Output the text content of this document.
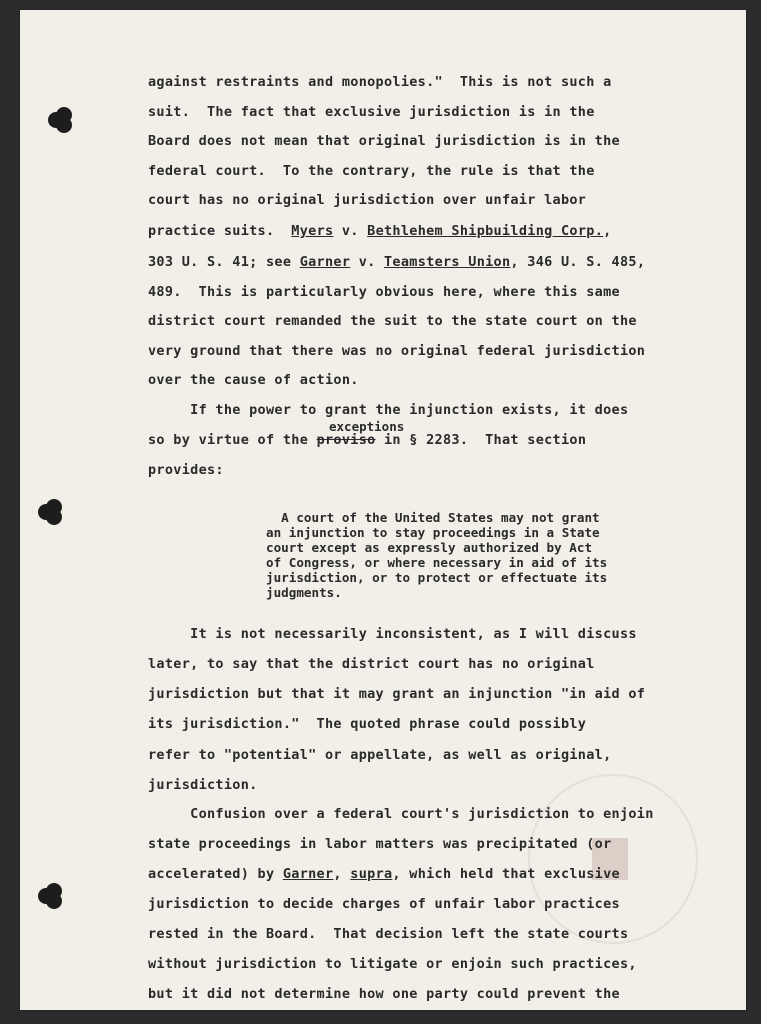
against restraints and monopolies."  This is not such a
suit.  The fact that exclusive jurisdiction is in the
Board does not mean that original jurisdiction is in the
federal court.  To the contrary, the rule is that the
court has no original jurisdiction over unfair labor
practice suits.  Myers v. Bethlehem Shipbuilding Corp.,
303 U. S. 41; see Garner v. Teamsters Union, 346 U. S. 485,
489.  This is particularly obvious here, where this same
district court remanded the suit to the state court on the
very ground that there was no original federal jurisdiction
over the cause of action.
If the power to grant the injunction exists, it does
so by virtue of the proviso in § 2283.  That section
provides:
It is not necessarily inconsistent, as I will discuss
later, to say that the district court has no original
jurisdiction but that it may grant an injunction "in aid of
its jurisdiction."  The quoted phrase could possibly
refer to "potential" or appellate, as well as original,
jurisdiction.
Confusion over a federal court's jurisdiction to enjoin
state proceedings in labor matters was precipitated (or
accelerated) by Garner, supra, which held that exclusive
jurisdiction to decide charges of unfair labor practices
rested in the Board.  That decision left the state courts
without jurisdiction to litigate or enjoin such practices,
but it did not determine how one party could prevent the
exceptions
A court of the United States may not grant
an injunction to stay proceedings in a State
court except as expressly authorized by Act
of Congress, or where necessary in aid of its
jurisdiction, or to protect or effectuate its
judgments.
